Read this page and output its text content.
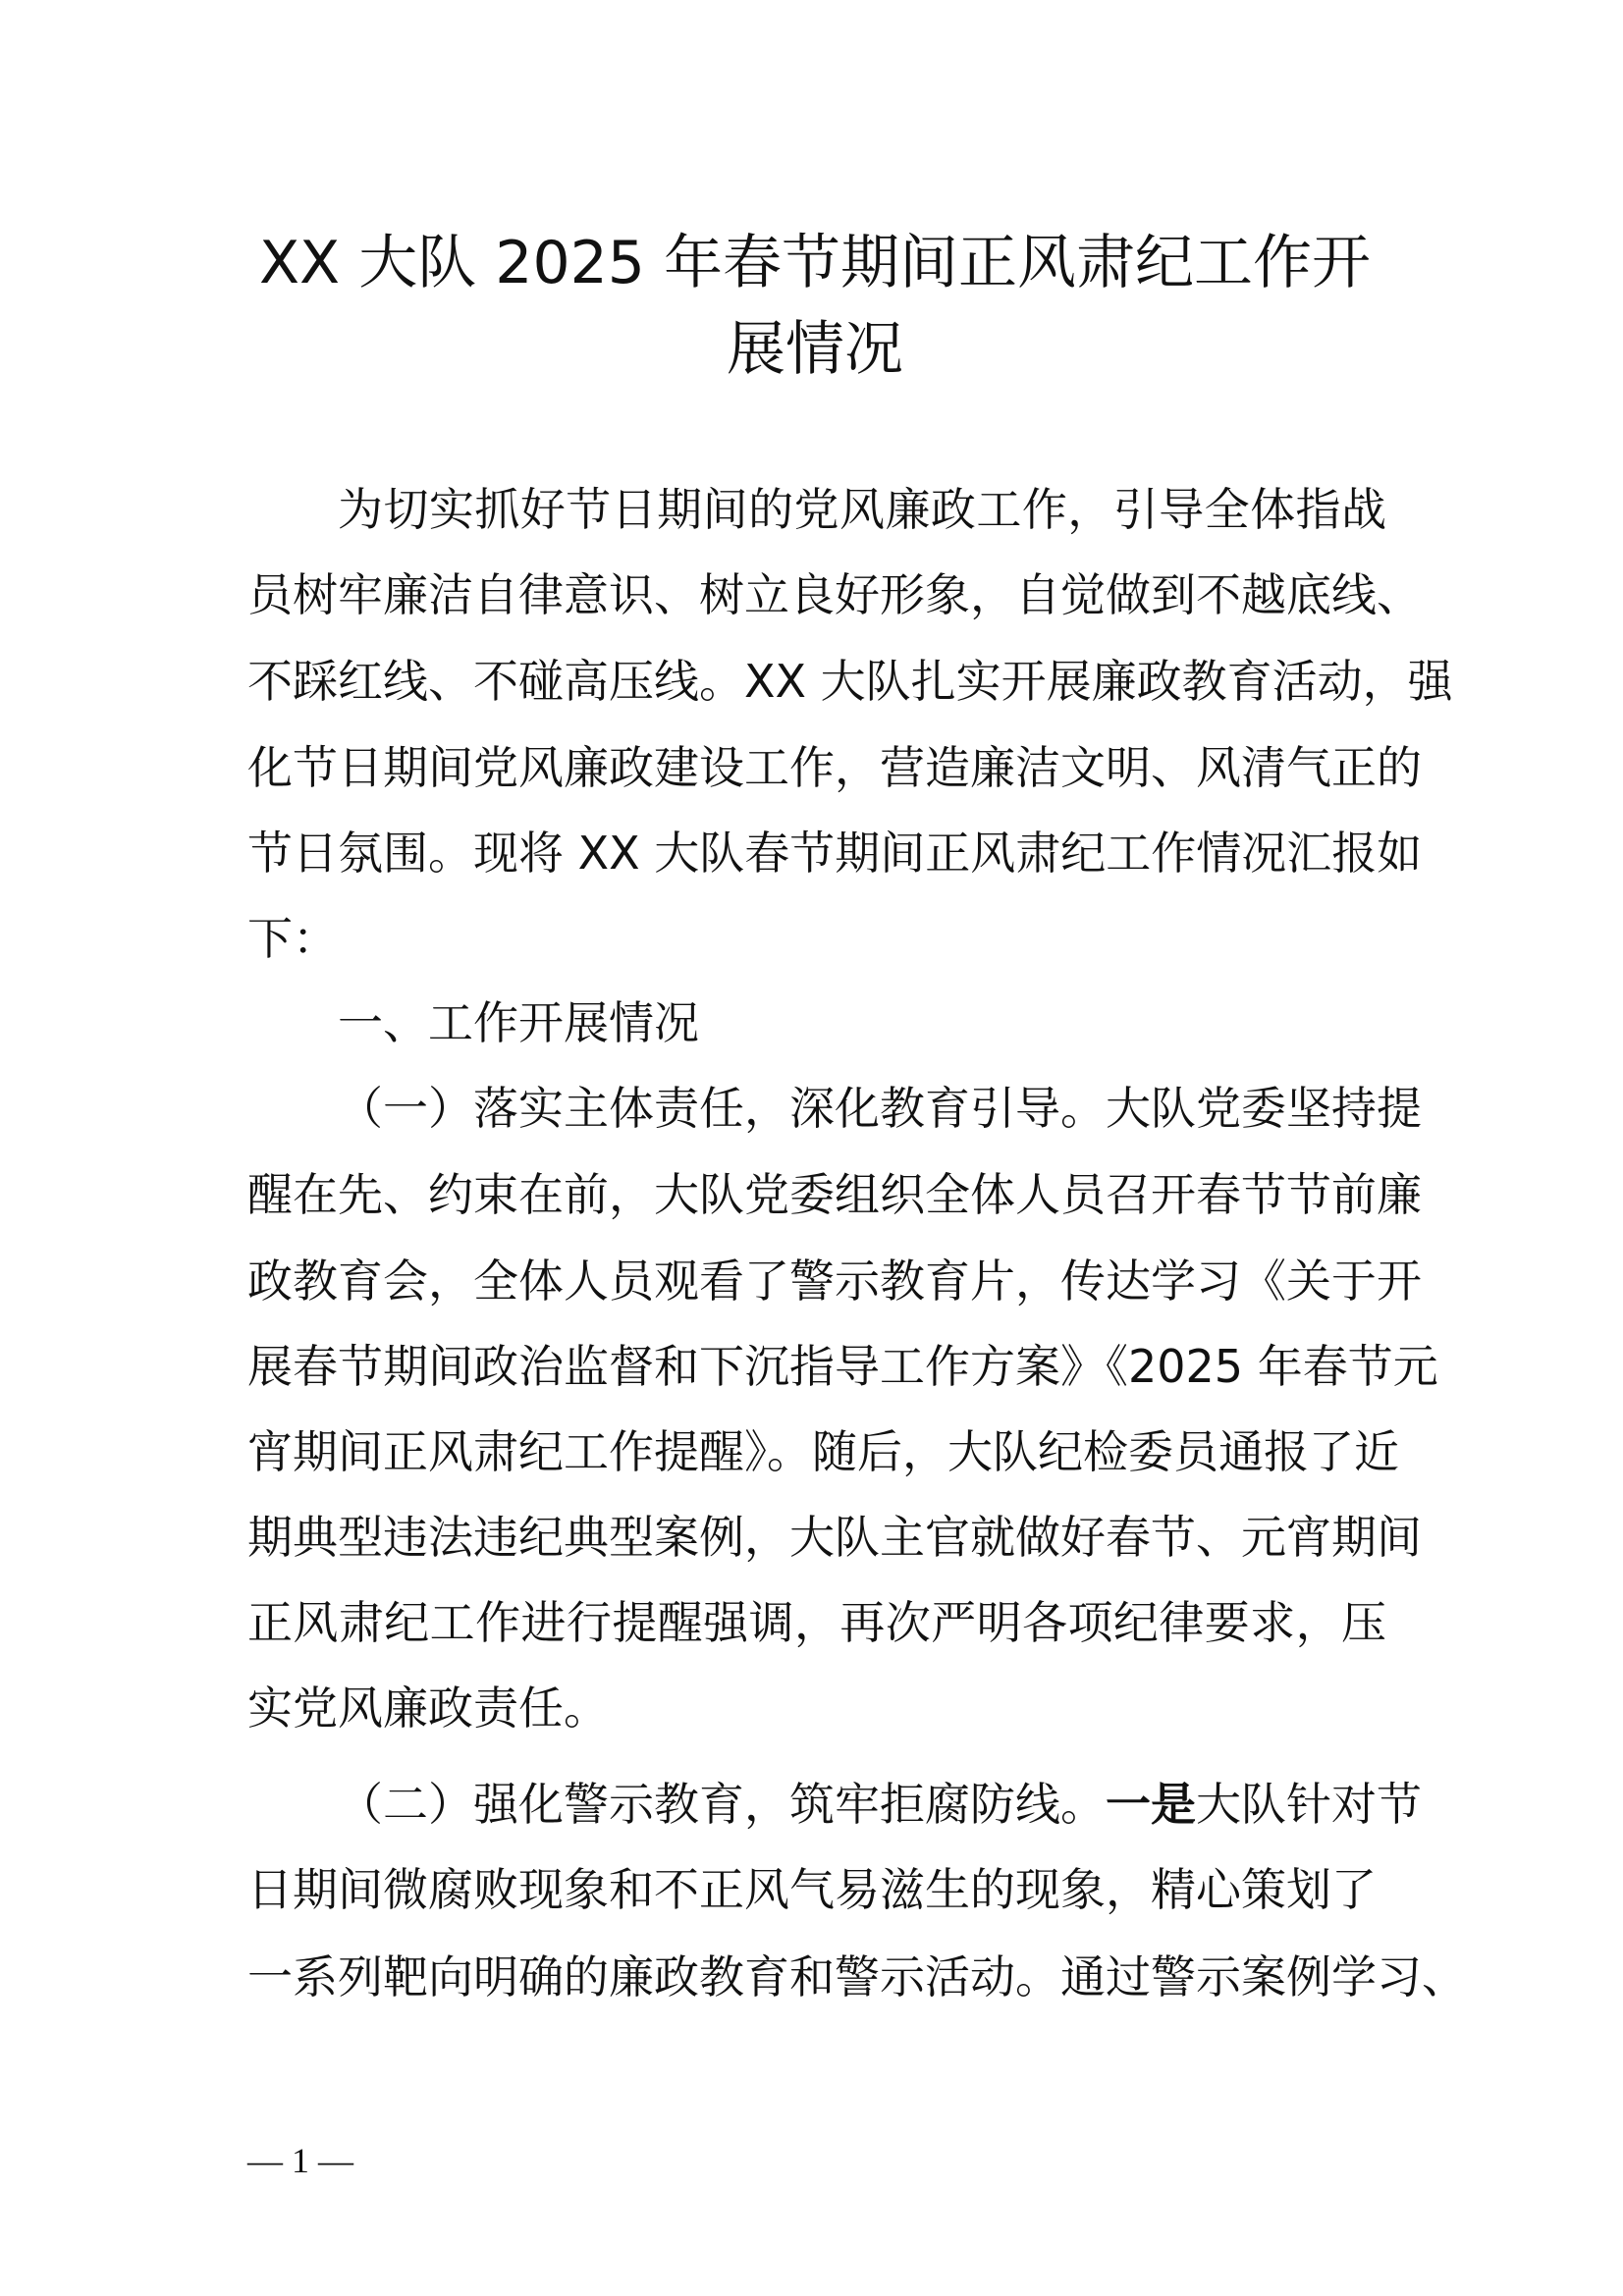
XX 大队 2025 年春节期间正风肃纪工作开
展情况
为切实抓好节日期间的党风廉政工作，引导全体指战
员树牢廉洁自律意识、树立良好形象，自觉做到不越底线、
不踩红线、不碰高压线。XX 大队扎实开展廉政教育活动，强
化节日期间党风廉政建设工作，营造廉洁文明、风清气正的
节日氛围。现将 XX 大队春节期间正风肃纪工作情况汇报如
下：
一、工作开展情况
（一）落实主体责任，深化教育引导。大队党委坚持提
醒在先、约束在前，大队党委组织全体人员召开春节节前廉
政教育会，全体人员观看了警示教育片，传达学习《关于开
展春节期间政治监督和下沉指导工作方案》《2025 年春节元
宵期间正风肃纪工作提醒》。随后，大队纪检委员通报了近
期典型违法违纪典型案例，大队主官就做好春节、元宵期间
正风肃纪工作进行提醒强调，再次严明各项纪律要求，压
实党风廉政责任。
（二）强化警示教育，筑牢拒腐防线。一是大队针对节
日期间微腐败现象和不正风气易滋生的现象，精心策划了
一系列靶向明确的廉政教育和警示活动。通过警示案例学习、
— 1 —
